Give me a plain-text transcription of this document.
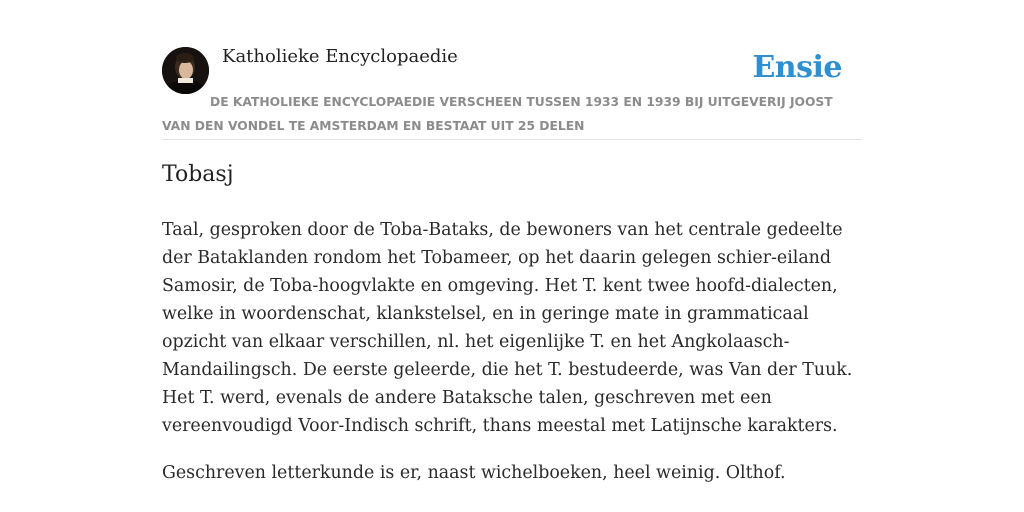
Katholieke Encyclopaedie	Ensie
DE KATHOLIEKE ENCYCLOPAEDIE VERSCHEEN TUSSEN 1933 EN 1939 BIJ UITGEVERIJ JOOST VAN DEN VONDEL TE AMSTERDAM EN BESTAAT UIT 25 DELEN
Tobasj

Taal, gesproken door de Toba-Bataks, de bewoners van het centrale gedeelte der Bataklanden rondom het Tobameer, op het daarin gelegen schier-eiland Samosir, de Toba-hoogvlakte en omgeving. Het T. kent twee hoofd-dialecten, welke in woordenschat, klankstelsel, en in geringe mate in grammaticaal opzicht van elkaar verschillen, nl. het eigenlijke T. en het Angkolaasch-Mandailingsch. De eerste geleerde, die het T. bestudeerde, was Van der Tuuk. Het T. werd, evenals de andere Bataksche talen, geschreven met een vereenvoudigd Voor-Indisch schrift, thans meestal met Latijnsche karakters.

Geschreven letterkunde is er, naast wichelboeken, heel weinig. Olthof.
